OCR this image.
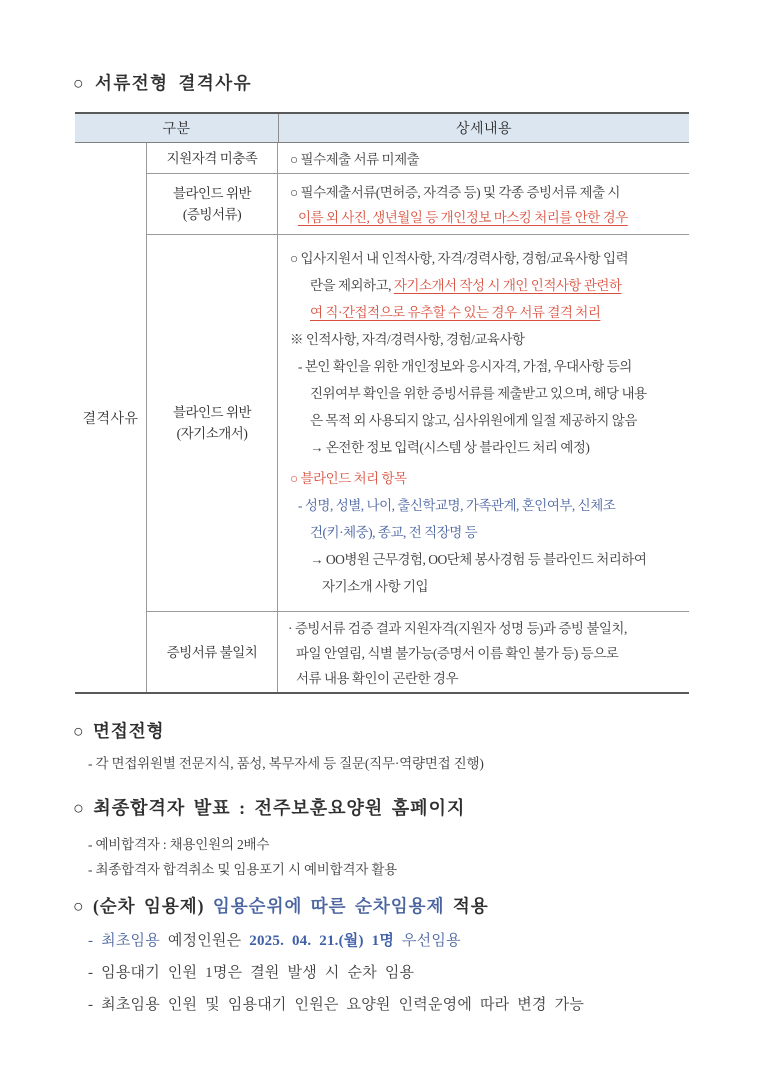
○ 서류전형 결격사유
구분	상세내용
결격사유
지원자격 미충족 ○ 필수제출 서류 미제출
블라인드 위반
(증빙서류)
○ 필수제출서류(면허증, 자격증 등) 및 각종 증빙서류 제출 시
이름 외 사진, 생년월일 등 개인정보 마스킹 처리를 안한 경우
블라인드 위반
(자기소개서)
○ 입사지원서 내 인적사항, 자격/경력사항, 경험/교육사항 입력
란을 제외하고, 자기소개서 작성 시 개인 인적사항 관련하
여 직·간접적으로 유추할 수 있는 경우 서류 결격 처리
※ 인적사항, 자격/경력사항, 경험/교육사항
- 본인 확인을 위한 개인정보와 응시자격, 가점, 우대사항 등의
진위여부 확인을 위한 증빙서류를 제출받고 있으며, 해당 내용
은 목적 외 사용되지 않고, 심사위원에게 일절 제공하지 않음
→ 온전한 정보 입력(시스템 상 블라인드 처리 예정)
○ 블라인드 처리 항목
- 성명, 성별, 나이, 출신학교명, 가족관계, 혼인여부, 신체조
건(키·체중), 종교, 전 직장명 등
→ OO병원 근무경험, OO단체 봉사경험 등 블라인드 처리하여
자기소개 사항 기입
증빙서류 불일치
· 증빙서류 검증 결과 지원자격(지원자 성명 등)과 증빙 불일치,
파일 안열림, 식별 불가능(증명서 이름 확인 불가 등) 등으로
서류 내용 확인이 곤란한 경우
○ 면접전형
- 각 면접위원별 전문지식, 품성, 복무자세 등 질문(직무·역량면접 진행)
○ 최종합격자 발표 : 전주보훈요양원 홈페이지
- 예비합격자 : 채용인원의 2배수
- 최종합격자 합격취소 및 임용포기 시 예비합격자 활용
○ (순차 임용제) 임용순위에 따른 순차임용제 적용
- 최초임용 예정인원은 2025. 04. 21.(월) 1명 우선임용
- 임용대기 인원 1명은 결원 발생 시 순차 임용
- 최초임용 인원 및 임용대기 인원은 요양원 인력운영에 따라 변경 가능
